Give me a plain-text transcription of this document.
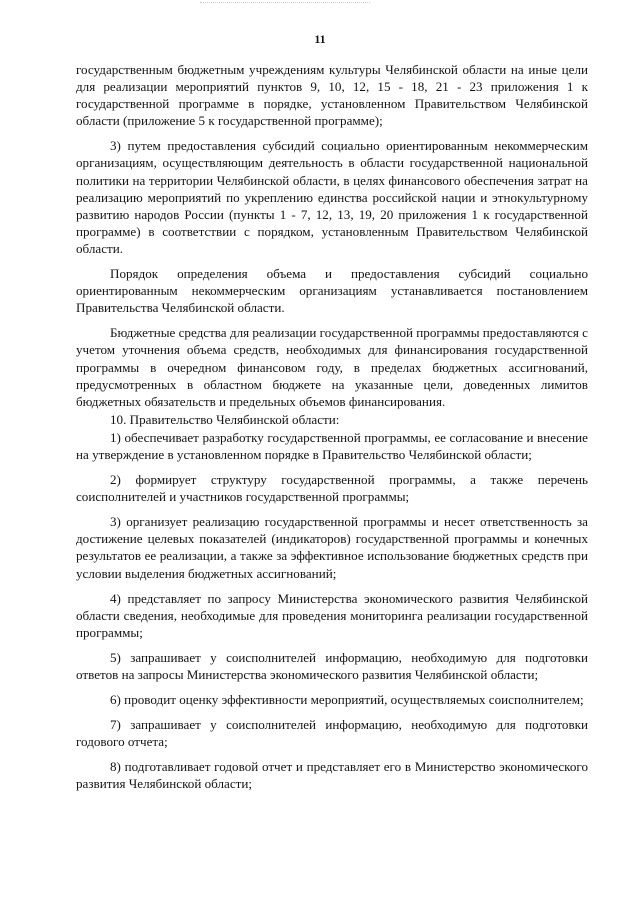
11

государственным бюджетным учреждениям культуры Челябинской области на иные цели для реализации мероприятий пунктов 9, 10, 12, 15 - 18, 21 - 23 приложения 1 к государственной программе в порядке, установленном Правительством Челябинской области (приложение 5 к государственной программе);

3) путем предоставления субсидий социально ориентированным некоммерческим организациям, осуществляющим деятельность в области государственной национальной политики на территории Челябинской области, в целях финансового обеспечения затрат на реализацию мероприятий по укреплению единства российской нации и этнокультурному развитию народов России (пункты 1 - 7, 12, 13, 19, 20 приложения 1 к государственной программе) в соответствии с порядком, установленным Правительством Челябинской области.

Порядок определения объема и предоставления субсидий социально ориентированным некоммерческим организациям устанавливается постановлением Правительства Челябинской области.

Бюджетные средства для реализации государственной программы предоставляются с учетом уточнения объема средств, необходимых для финансирования государственной программы в очередном финансовом году, в пределах бюджетных ассигнований, предусмотренных в областном бюджете на указанные цели, доведенных лимитов бюджетных обязательств и предельных объемов финансирования.

10. Правительство Челябинской области:

1) обеспечивает разработку государственной программы, ее согласование и внесение на утверждение в установленном порядке в Правительство Челябинской области;

2) формирует структуру государственной программы, а также перечень соисполнителей и участников государственной программы;

3) организует реализацию государственной программы и несет ответственность за достижение целевых показателей (индикаторов) государственной программы и конечных результатов ее реализации, а также за эффективное использование бюджетных средств при условии выделения бюджетных ассигнований;

4) представляет по запросу Министерства экономического развития Челябинской области сведения, необходимые для проведения мониторинга реализации государственной программы;

5) запрашивает у соисполнителей информацию, необходимую для подготовки ответов на запросы Министерства экономического развития Челябинской области;

6) проводит оценку эффективности мероприятий, осуществляемых соисполнителем;

7) запрашивает у соисполнителей информацию, необходимую для подготовки годового отчета;

8) подготавливает годовой отчет и представляет его в Министерство экономического развития Челябинской области;
